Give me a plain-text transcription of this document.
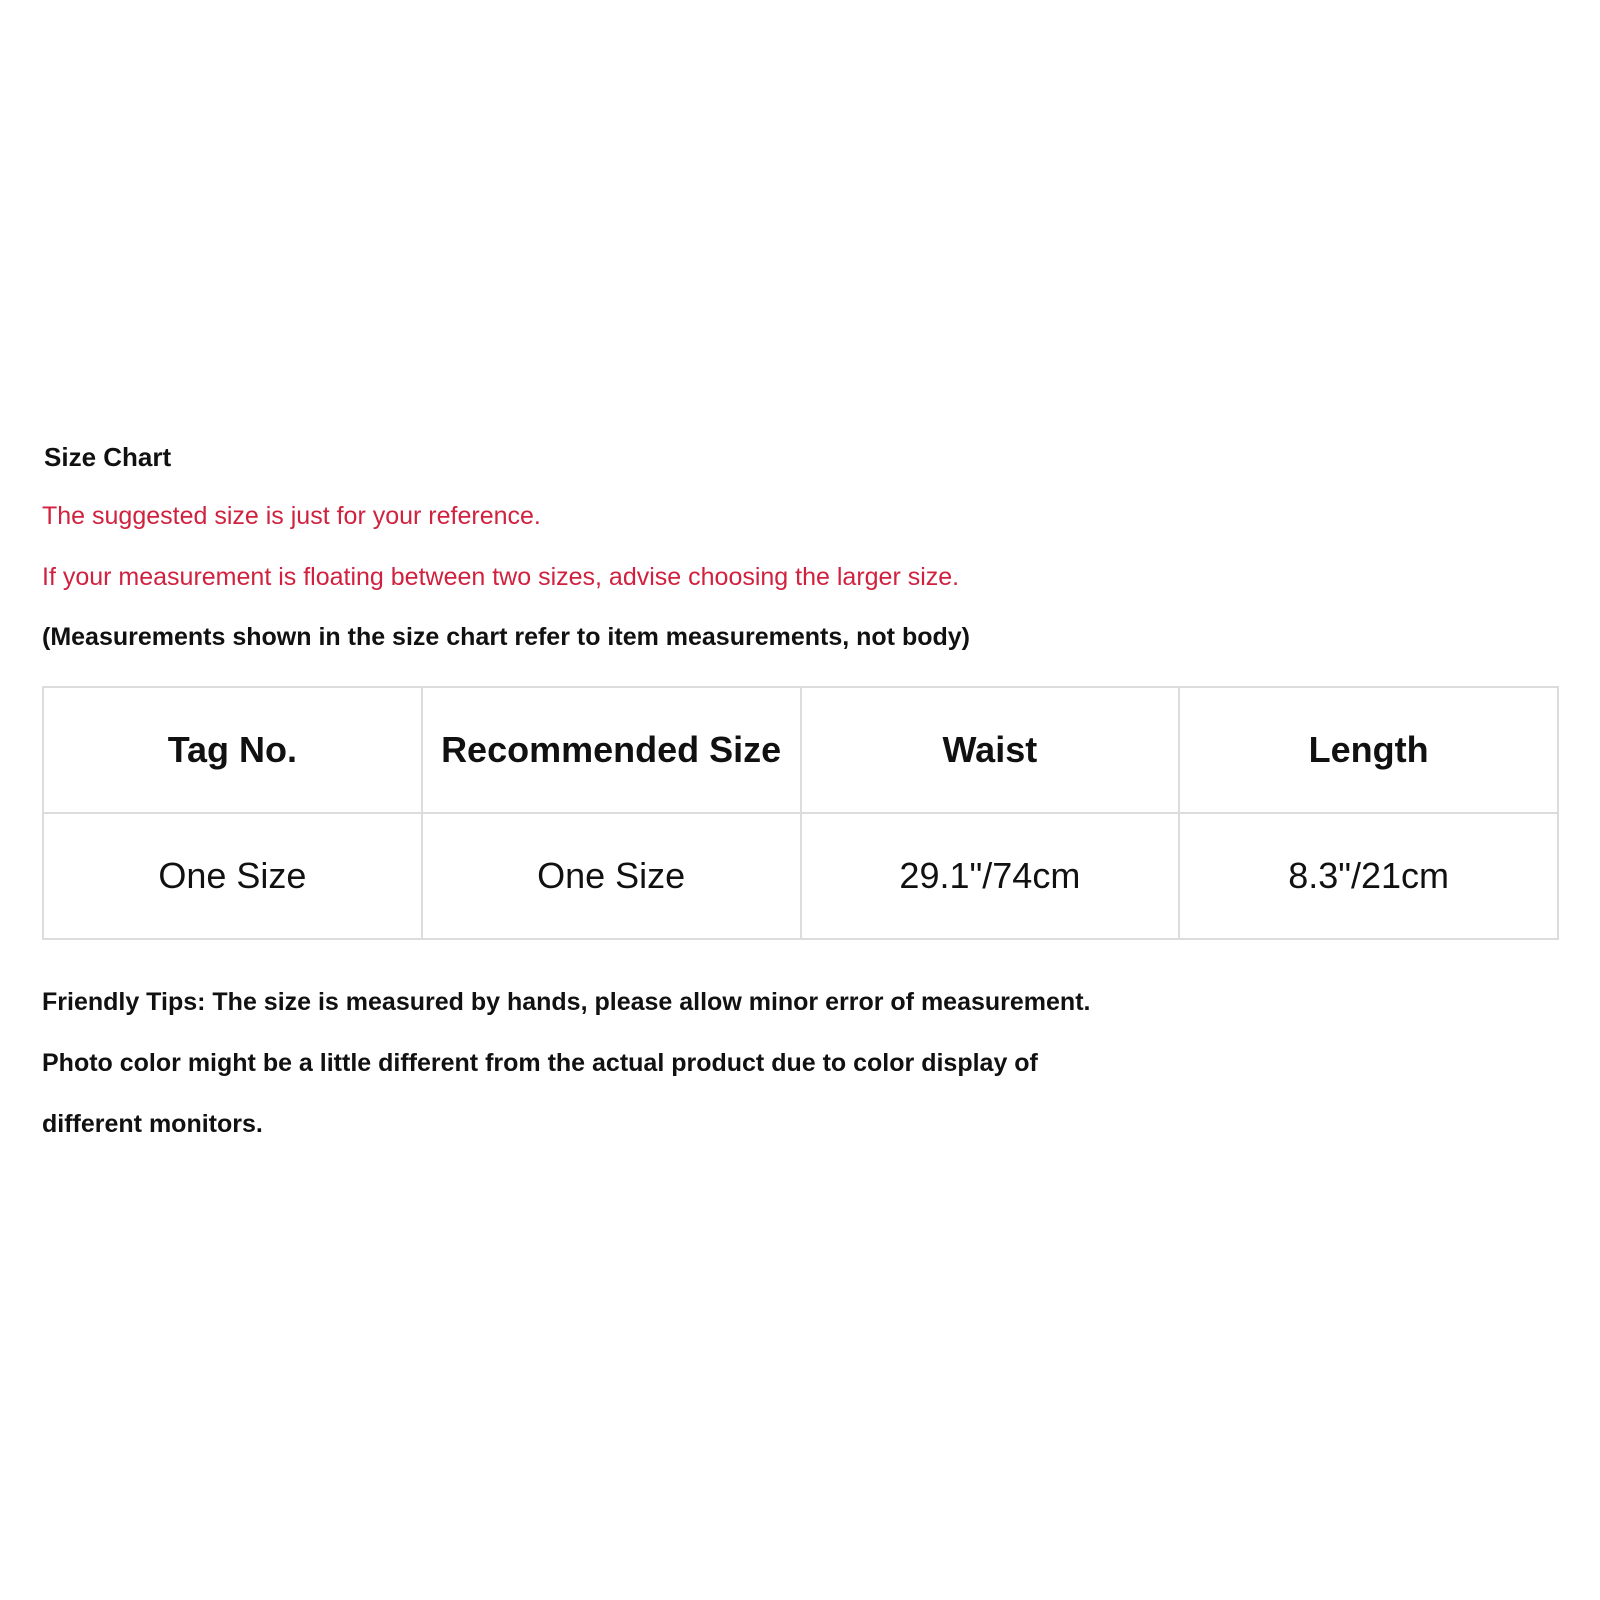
Size Chart
The suggested size is just for your reference.
If your measurement is floating between two sizes, advise choosing the larger size.
(Measurements shown in the size chart refer to item measurements, not body)
Tag No.	Recommended Size	Waist	Length
One Size	One Size	29.1"/74cm	8.3"/21cm
Friendly Tips: The size is measured by hands, please allow minor error of measurement.
Photo color might be a little different from the actual product due to color display of
different monitors.
